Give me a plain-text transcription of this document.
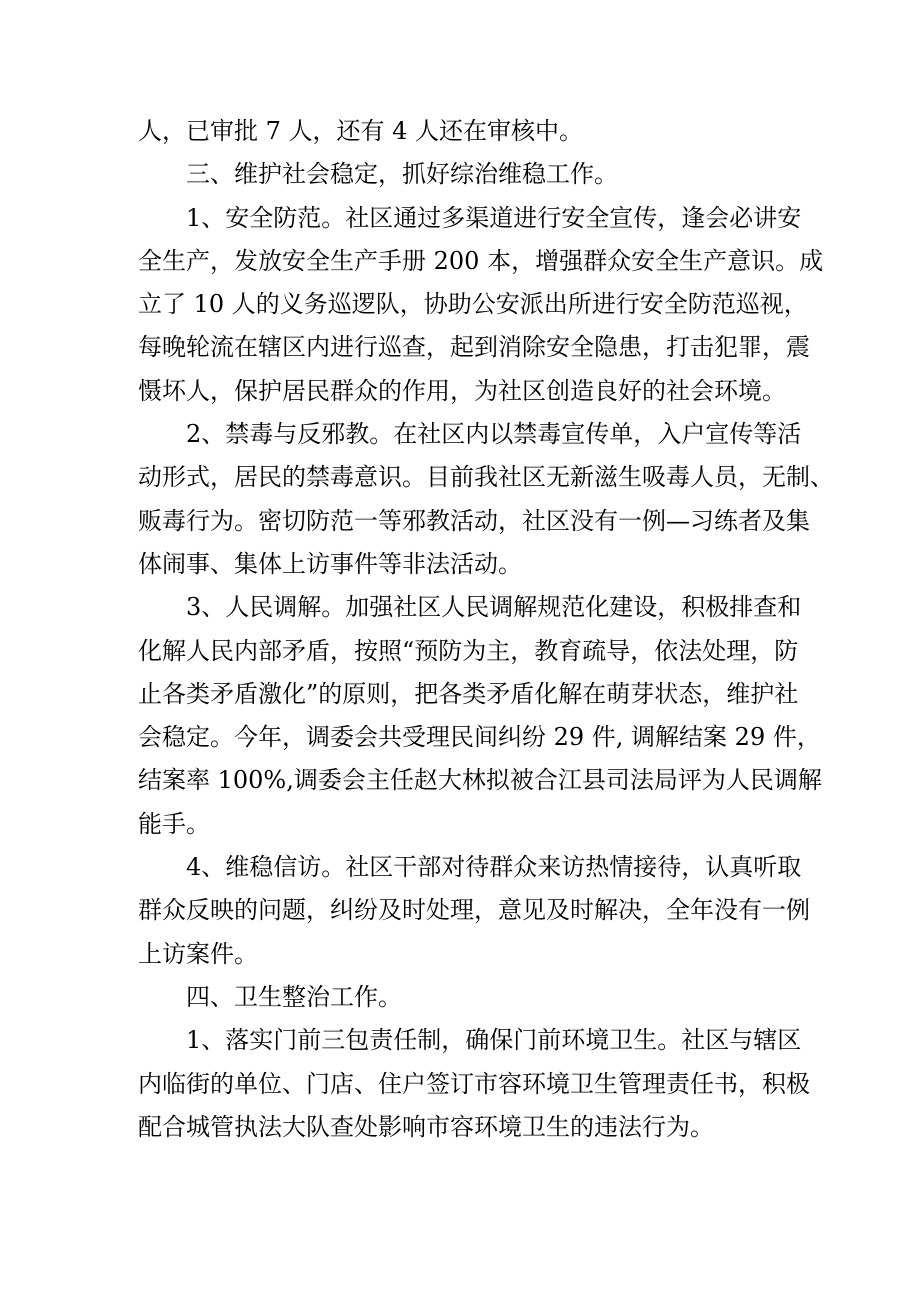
人，已审批 7 人，还有 4 人还在审核中。
三、维护社会稳定，抓好综治维稳工作。
1、安全防范。社区通过多渠道进行安全宣传，逢会必讲安
全生产，发放安全生产手册 200 本，增强群众安全生产意识。成
立了 10 人的义务巡逻队，协助公安派出所进行安全防范巡视，
每晚轮流在辖区内进行巡查，起到消除安全隐患，打击犯罪，震
慑坏人，保护居民群众的作用，为社区创造良好的社会环境。
2、禁毒与反邪教。在社区内以禁毒宣传单，入户宣传等活
动形式，居民的禁毒意识。目前我社区无新滋生吸毒人员，无制、
贩毒行为。密切防范一等邪教活动，社区没有一例—习练者及集
体闹事、集体上访事件等非法活动。
3、人民调解。加强社区人民调解规范化建设，积极排查和
化解人民内部矛盾，按照“预防为主，教育疏导，依法处理，防
止各类矛盾激化”的原则，把各类矛盾化解在萌芽状态，维护社
会稳定。今年，调委会共受理民间纠纷 29 件, 调解结案 29 件，
结案率 100%,调委会主任赵大林拟被合江县司法局评为人民调解
能手。
4、维稳信访。社区干部对待群众来访热情接待，认真听取
群众反映的问题，纠纷及时处理，意见及时解决，全年没有一例
上访案件。
四、卫生整治工作。
1、落实门前三包责任制，确保门前环境卫生。社区与辖区
内临街的单位、门店、住户签订市容环境卫生管理责任书，积极
配合城管执法大队查处影响市容环境卫生的违法行为。
